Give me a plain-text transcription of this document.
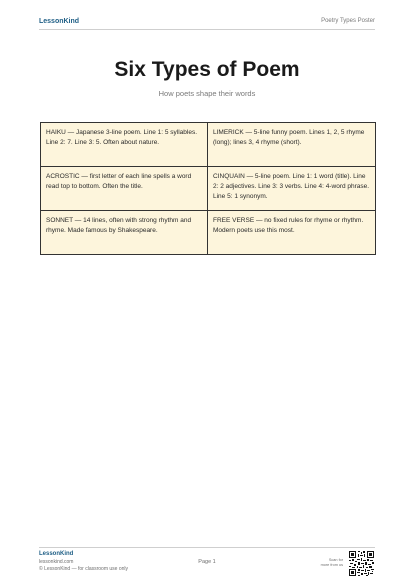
LessonKind	Poetry Types Poster
Six Types of Poem
How poets shape their words
HAIKU — Japanese 3-line poem. Line 1: 5 syllables. Line 2: 7. Line 3: 5. Often about nature.
LIMERICK — 5-line funny poem. Lines 1, 2, 5 rhyme (long); lines 3, 4 rhyme (short).
ACROSTIC — first letter of each line spells a word read top to bottom. Often the title.
CINQUAIN — 5-line poem. Line 1: 1 word (title). Line 2: 2 adjectives. Line 3: 3 verbs. Line 4: 4-word phrase. Line 5: 1 synonym.
SONNET — 14 lines, often with strong rhythm and rhyme. Made famous by Shakespeare.
FREE VERSE — no fixed rules for rhyme or rhythm. Modern poets use this most.
LessonKind
lessonkind.com
© LessonKind — for classroom use only
Page 1	Scan for
more from us
